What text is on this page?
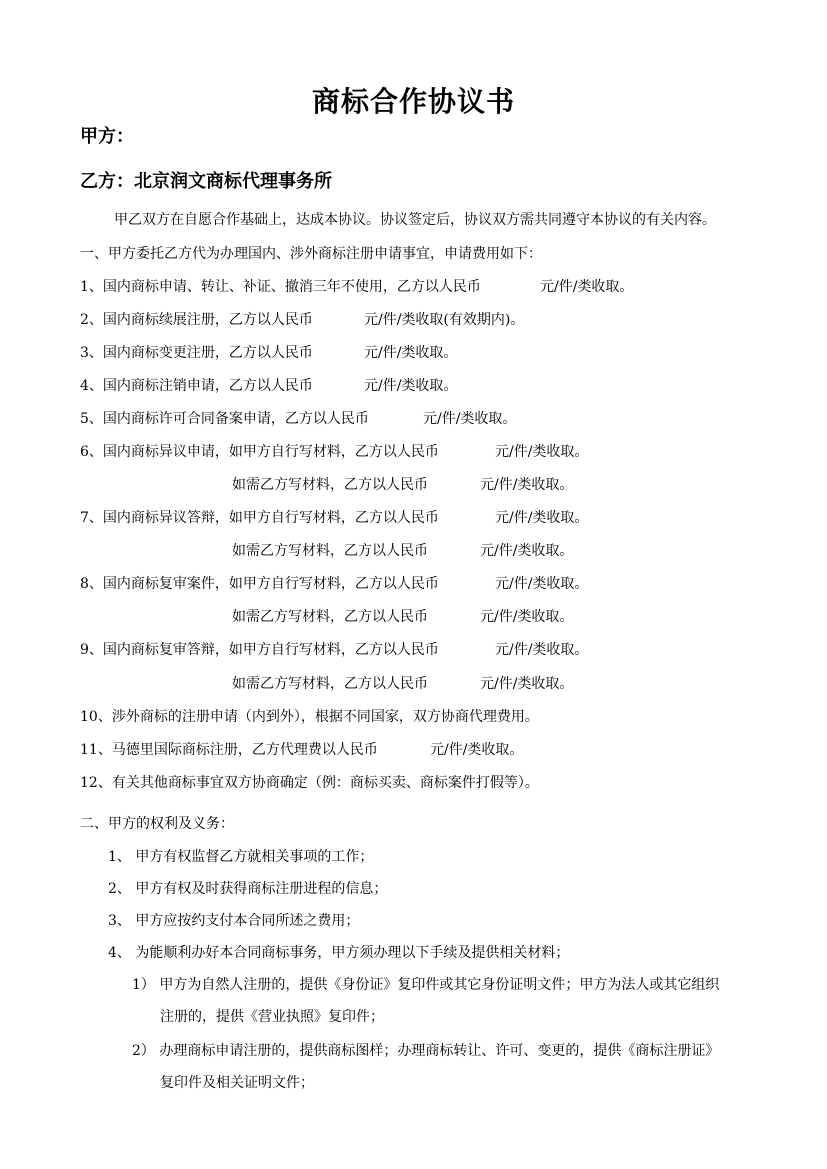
商标合作协议书
甲方：
乙方：北京润文商标代理事务所
甲乙双方在自愿合作基础上，达成本协议。协议签定后，协议双方需共同遵守本协议的有关内容。
一、甲方委托乙方代为办理国内、涉外商标注册申请事宜，申请费用如下：
1、国内商标申请、转让、补证、撤消三年不使用，乙方以人民币	元/件/类收取。
2、国内商标续展注册，乙方以人民币	元/件/类收取(有效期内)。
3、国内商标变更注册，乙方以人民币	元/件/类收取。
4、国内商标注销申请，乙方以人民币	元/件/类收取。
5、国内商标许可合同备案申请，乙方以人民币	元/件/类收取。
6、国内商标异议申请，如甲方自行写材料，乙方以人民币	元/件/类收取。
如需乙方写材料，乙方以人民币	元/件/类收取。
7、国内商标异议答辩，如甲方自行写材料，乙方以人民币	元/件/类收取。
如需乙方写材料，乙方以人民币	元/件/类收取。
8、国内商标复审案件，如甲方自行写材料，乙方以人民币	元/件/类收取。
如需乙方写材料，乙方以人民币	元/件/类收取。
9、国内商标复审答辩，如甲方自行写材料，乙方以人民币	元/件/类收取。
如需乙方写材料，乙方以人民币	元/件/类收取。
10、涉外商标的注册申请（内到外），根据不同国家，双方协商代理费用。
11、马德里国际商标注册，乙方代理费以人民币	元/件/类收取。
12、有关其他商标事宜双方协商确定（例：商标买卖、商标案件打假等）。
二、甲方的权利及义务：
1、 甲方有权监督乙方就相关事项的工作；
2、 甲方有权及时获得商标注册进程的信息；
3、 甲方应按约支付本合同所述之费用；
4、 为能顺利办好本合同商标事务，甲方须办理以下手续及提供相关材料；
1） 甲方为自然人注册的，提供《身份证》复印件或其它身份证明文件；甲方为法人或其它组织
注册的，提供《营业执照》复印件；
2） 办理商标申请注册的，提供商标图样；办理商标转让、许可、变更的，提供《商标注册证》
复印件及相关证明文件；
